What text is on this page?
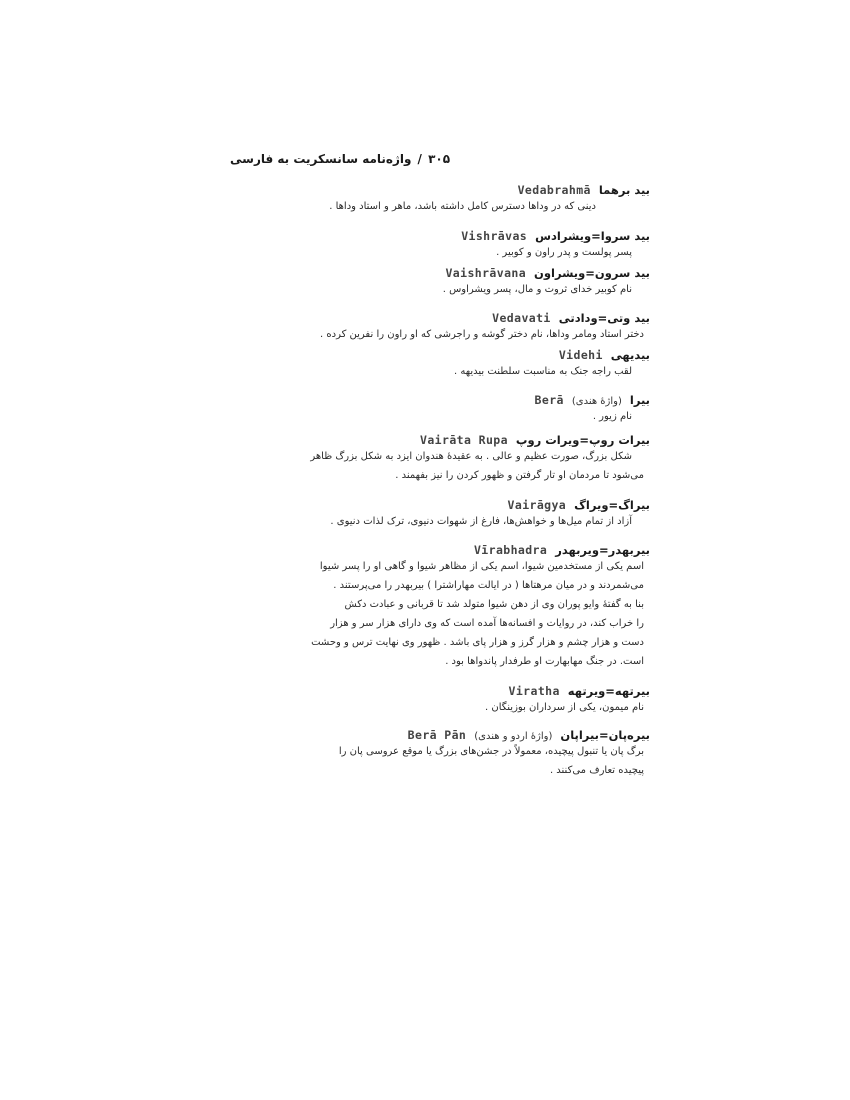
واژه‌نامه سانسکریت به فارسی / ٣٠۵
Vedabrahmā بید برهما
دینی که در وداها دسترس کامل داشته باشد، ماهر و استاد وداها .
Vishrāvas بید سروا=ویشرادس
پسر پولست و پدر راون و کوبیر .
Vaishrāvana بید سرون=ویشراون
نام کوبیر خدای ثروت و مال، پسر ویشراوس .
Vedavati بید وتی=ودادتی
دختر استاد ومامر وداها، نام دختر گوشه و راجرشی که او راون را نفرین کرده .
Videhi بیدیهی
لقب راجه جنک به مناسبت سلطنت بیدیهه .
Berā (واژهٔ هندی) بیرا
نام زیور .
Vairāta Rupa بیرات روپ=ویرات روپ
شکل بزرگ، صورت عظیم و عالی . به عقیدهٔ هندوان ایزد به شکل بزرگ ظاهر
می‌شود تا مردمان او تار گرفتن و ظهور کردن را نیز بفهمند .
Vairāgya بیراگ=ویراگ
آزاد از تمام میل‌ها و خواهش‌ها، فارغ از شهوات دنیوی، ترک لذات دنیوی .
Vīrabhadra بیربهدر=ویربهدر
اسم یکی از مستخدمین شیوا، اسم یکی از مظاهر شیوا و گاهی او را پسر شیوا
می‌شمردند و در میان مرهتاها ( در ایالت مهاراشترا ) بیربهدر را می‌پرستند .
بنا به گفتهٔ وایو پوران وی از دهن شیوا متولد شد تا قربانی و عبادت دکش
را خراب کند، در روایات و افسانه‌ها آمده است که وی دارای هزار سر و هزار
دست و هزار چشم و هزار گرز و هزار پای باشد . ظهور وی نهایت ترس و وحشت
است. در جنگ مهابهارت او طرفدار پاندواها بود .
Viratha بیرتهه=ویرتهه
نام میمون، یکی از سرداران بوزینگان .
Berā Pān (واژهٔ اردو و هندی) بیره‌پان=بیراپان
برگ پان یا تنبول پیچیده، معمولاً در جشن‌های بزرگ یا موقع عروسی پان را
پیچیده تعارف می‌کنند .
